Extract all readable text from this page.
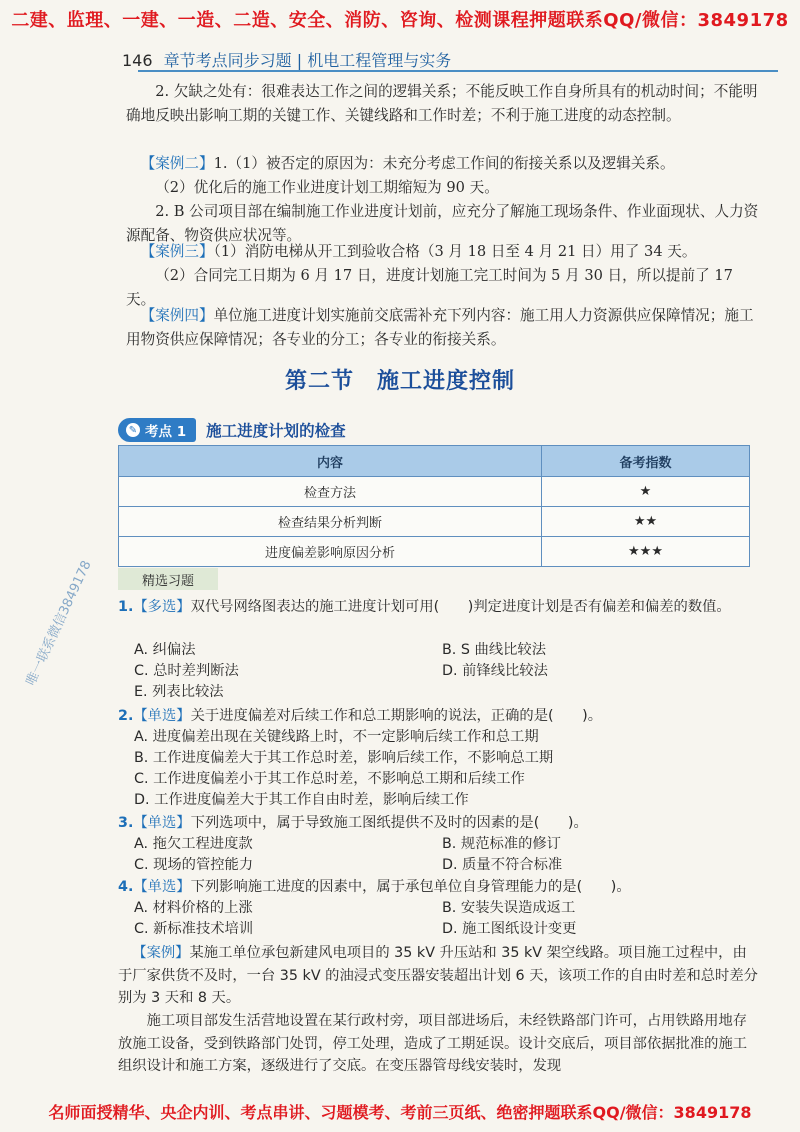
二建、监理、一建、一造、二造、安全、消防、咨询、检测课程押题联系QQ/微信：3849178
146 章节考点同步习题 | 机电工程管理与实务
2. 欠缺之处有：很难表达工作之间的逻辑关系；不能反映工作自身所具有的机动时间；不能明确地反映出影响工期的关键工作、关键线路和工作时差；不利于施工进度的动态控制。
【案例二】1.（1）被否定的原因为：未充分考虑工作间的衔接关系以及逻辑关系。
（2）优化后的施工作业进度计划工期缩短为 90 天。
2. B 公司项目部在编制施工作业进度计划前，应充分了解施工现场条件、作业面现状、人力资源配备、物资供应状况等。
【案例三】（1）消防电梯从开工到验收合格（3 月 18 日至 4 月 21 日）用了 34 天。
（2）合同完工日期为 6 月 17 日，进度计划施工完工时间为 5 月 30 日，所以提前了 17 天。
【案例四】单位施工进度计划实施前交底需补充下列内容：施工用人力资源供应保障情况；施工用物资供应保障情况；各专业的分工；各专业的衔接关系。
第二节　施工进度控制
✎ 考点 1 施工进度计划的检查
内容	备考指数
检查方法	★
检查结果分析判断	★★
进度偏差影响原因分析	★★★
精选习题
1.【多选】双代号网络图表达的施工进度计划可用(　　)判定进度计划是否有偏差和偏差的数值。
A. 纠偏法	B. S 曲线比较法
C. 总时差判断法	D. 前锋线比较法
E. 列表比较法
2.【单选】关于进度偏差对后续工作和总工期影响的说法，正确的是(　　)。
A. 进度偏差出现在关键线路上时，不一定影响后续工作和总工期
B. 工作进度偏差大于其工作总时差，影响后续工作，不影响总工期
C. 工作进度偏差小于其工作总时差，不影响总工期和后续工作
D. 工作进度偏差大于其工作自由时差，影响后续工作
3.【单选】下列选项中，属于导致施工图纸提供不及时的因素的是(　　)。
A. 拖欠工程进度款	B. 规范标准的修订
C. 现场的管控能力	D. 质量不符合标准
4.【单选】下列影响施工进度的因素中，属于承包单位自身管理能力的是(　　)。
A. 材料价格的上涨	B. 安装失误造成返工
C. 新标准技术培训	D. 施工图纸设计变更
【案例】某施工单位承包新建风电项目的 35 kV 升压站和 35 kV 架空线路。项目施工过程中，由于厂家供货不及时，一台 35 kV 的油浸式变压器安装超出计划 6 天，该项工作的自由时差和总时差分别为 3 天和 8 天。
施工项目部发生活营地设置在某行政村旁，项目部进场后，未经铁路部门许可，占用铁路用地存放施工设备，受到铁路部门处罚，停工处理，造成了工期延误。设计交底后，项目部依据批准的施工组织设计和施工方案，逐级进行了交底。在变压器管母线安装时，发现
唯一联系微信3849178
名师面授精华、央企内训、考点串讲、习题模考、考前三页纸、绝密押题联系QQ/微信：3849178
